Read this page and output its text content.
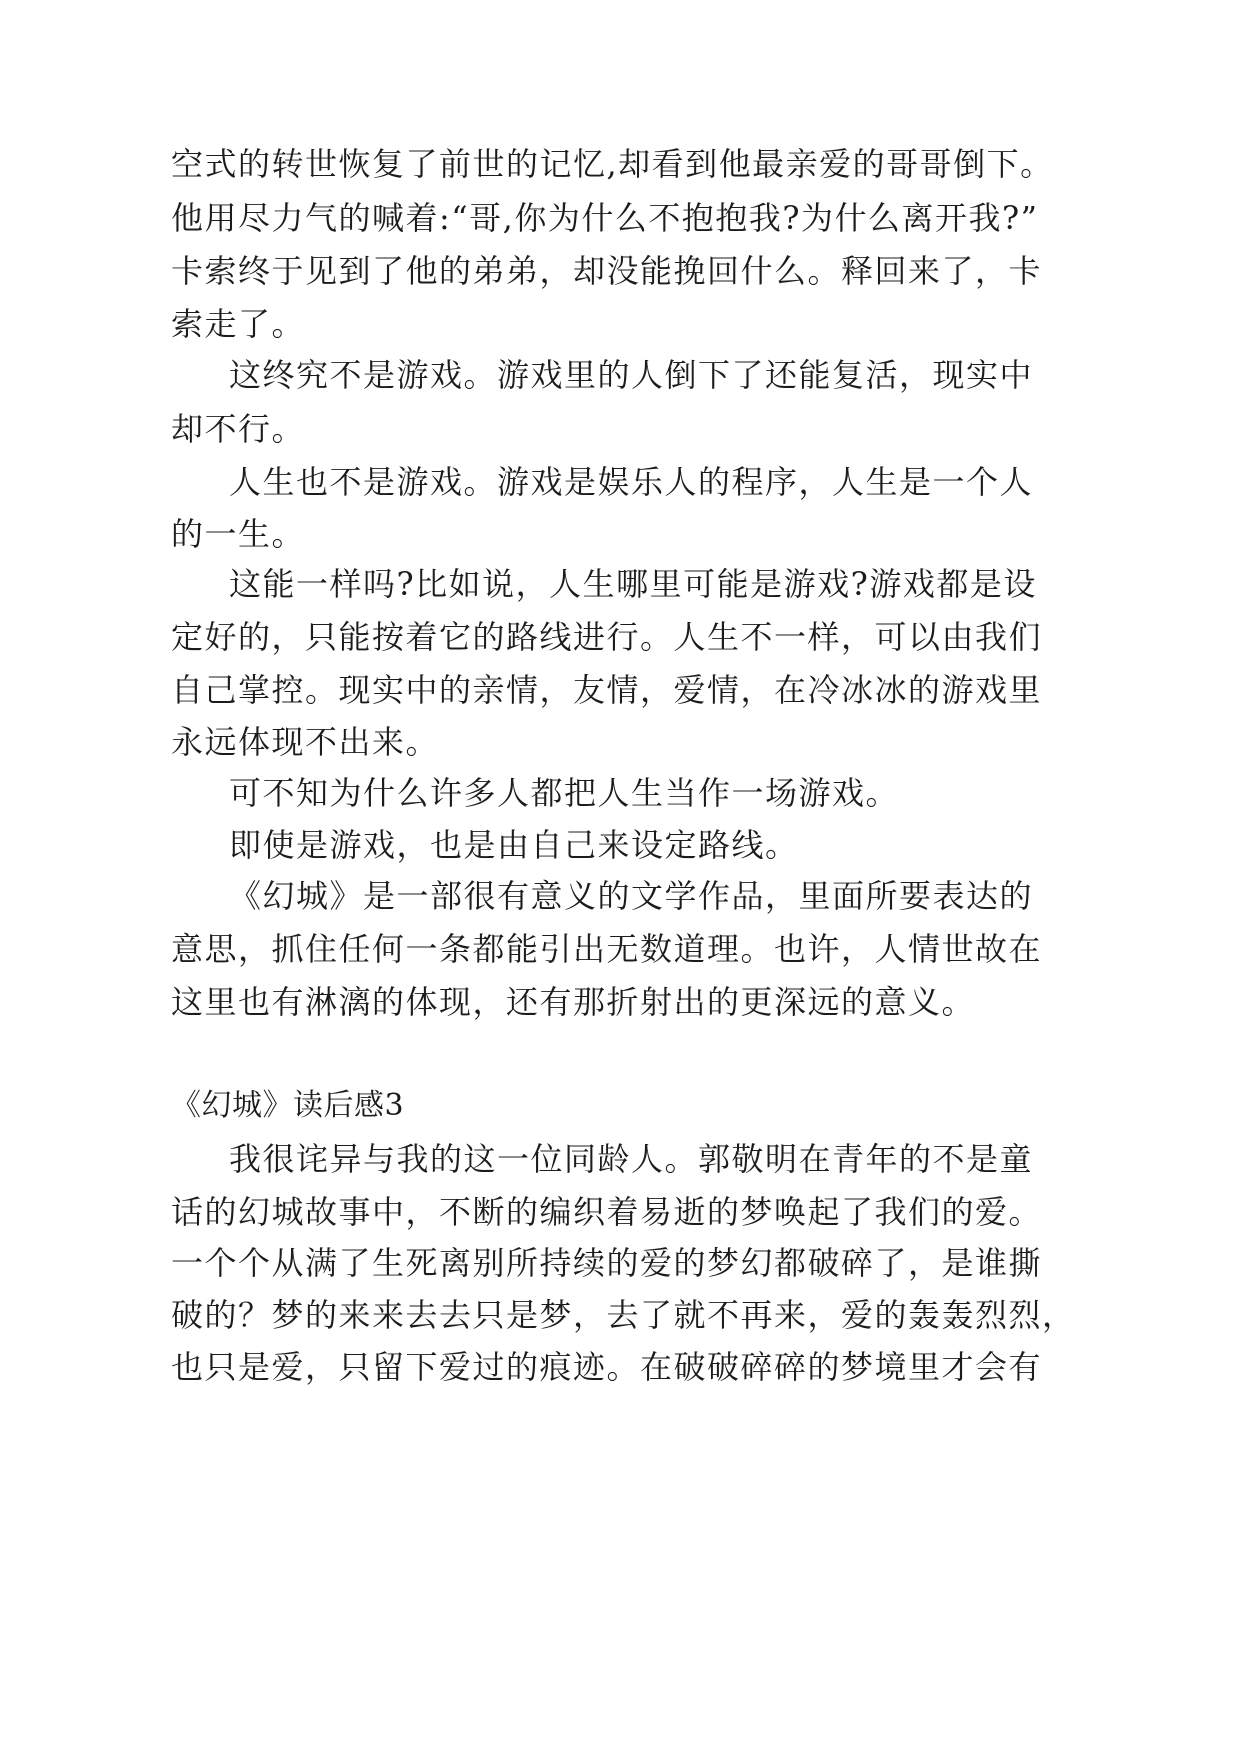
空式的转世恢复了前世的记忆,却看到他最亲爱的哥哥倒下。
他用尽力气的喊着:“哥,你为什么不抱抱我?为什么离开我?”
卡索终于见到了他的弟弟，却没能挽回什么。释回来了，卡
索走了。
这终究不是游戏。游戏里的人倒下了还能复活，现实中
却不行。
人生也不是游戏。游戏是娱乐人的程序，人生是一个人
的一生。
这能一样吗?比如说，人生哪里可能是游戏?游戏都是设
定好的，只能按着它的路线进行。人生不一样，可以由我们
自己掌控。现实中的亲情，友情，爱情，在冷冰冰的游戏里
永远体现不出来。
可不知为什么许多人都把人生当作一场游戏。
即使是游戏，也是由自己来设定路线。
《幻城》是一部很有意义的文学作品，里面所要表达的
意思，抓住任何一条都能引出无数道理。也许，人情世故在
这里也有淋漓的体现，还有那折射出的更深远的意义。
《幻城》读后感3
我很诧异与我的这一位同龄人。郭敬明在青年的不是童
话的幻城故事中，不断的编织着易逝的梦唤起了我们的爱。
一个个从满了生死离别所持续的爱的梦幻都破碎了，是谁撕
破的？梦的来来去去只是梦，去了就不再来，爱的轰轰烈烈，
也只是爱，只留下爱过的痕迹。在破破碎碎的梦境里才会有
